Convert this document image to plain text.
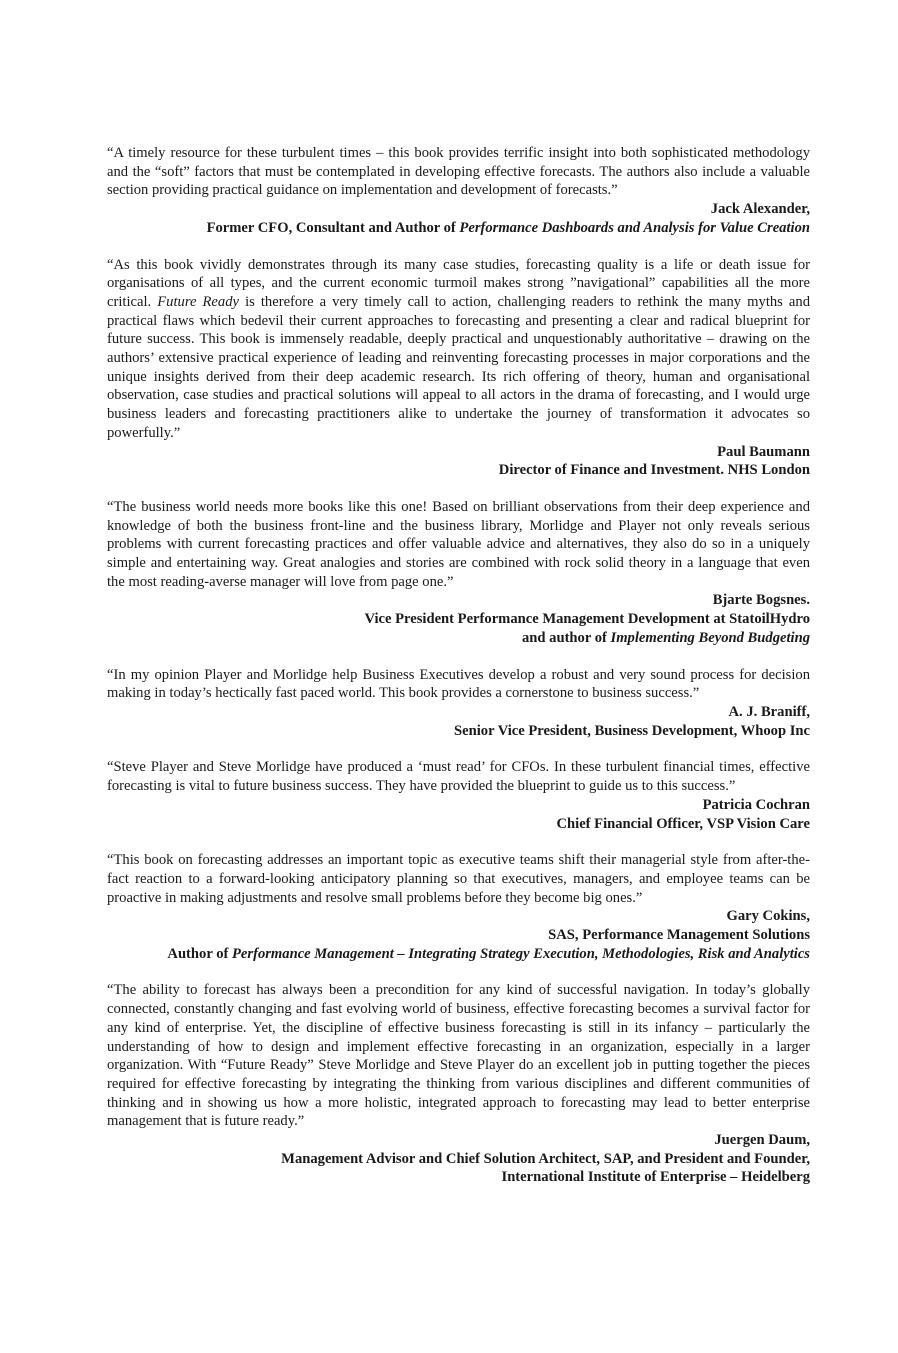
“A timely resource for these turbulent times – this book provides terrific insight into both sophisticated methodology and the “soft” factors that must be contemplated in developing effective forecasts. The authors also include a valuable section providing practical guidance on implementation and development of forecasts.”

Jack Alexander,
Former CFO, Consultant and Author of Performance Dashboards and Analysis for Value Creation

“As this book vividly demonstrates through its many case studies, forecasting quality is a life or death issue for organisations of all types, and the current economic turmoil makes strong ”navigational” capabilities all the more critical. Future Ready is therefore a very timely call to action, challenging readers to rethink the many myths and practical flaws which bedevil their current approaches to forecasting and presenting a clear and radical blueprint for future success. This book is immensely readable, deeply practical and unquestionably authoritative – drawing on the authors’ extensive practical experience of leading and reinventing forecasting processes in major corporations and the unique insights derived from their deep academic research. Its rich offering of theory, human and organisational observation, case studies and practical solutions will appeal to all actors in the drama of forecasting, and I would urge business leaders and forecasting practitioners alike to undertake the journey of transformation it advocates so powerfully.”

Paul Baumann
Director of Finance and Investment. NHS London

“The business world needs more books like this one! Based on brilliant observations from their deep experience and knowledge of both the business front-line and the business library, Morlidge and Player not only reveals serious problems with current forecasting practices and offer valuable advice and alternatives, they also do so in a uniquely simple and entertaining way. Great analogies and stories are combined with rock solid theory in a language that even the most reading-averse manager will love from page one.”

Bjarte Bogsnes.
Vice President Performance Management Development at StatoilHydro
and author of Implementing Beyond Budgeting

“In my opinion Player and Morlidge help Business Executives develop a robust and very sound process for decision making in today’s hectically fast paced world. This book provides a cornerstone to business success.”

A. J. Braniff,
Senior Vice President, Business Development, Whoop Inc

“Steve Player and Steve Morlidge have produced a ‘must read’ for CFOs. In these turbulent financial times, effective forecasting is vital to future business success. They have provided the blueprint to guide us to this success.”

Patricia Cochran
Chief Financial Officer, VSP Vision Care

“This book on forecasting addresses an important topic as executive teams shift their managerial style from after-the-fact reaction to a forward-looking anticipatory planning so that executives, managers, and employee teams can be proactive in making adjustments and resolve small problems before they become big ones.”

Gary Cokins,
SAS, Performance Management Solutions
Author of Performance Management – Integrating Strategy Execution, Methodologies, Risk and Analytics

“The ability to forecast has always been a precondition for any kind of successful navigation. In today’s globally connected, constantly changing and fast evolving world of business, effective forecasting becomes a survival factor for any kind of enterprise. Yet, the discipline of effective business forecasting is still in its infancy – particularly the understanding of how to design and implement effective forecasting in an organization, especially in a larger organization. With “Future Ready” Steve Morlidge and Steve Player do an excellent job in putting together the pieces required for effective forecasting by integrating the thinking from various disciplines and different communities of thinking and in showing us how a more holistic, integrated approach to forecasting may lead to better enterprise management that is future ready.”

Juergen Daum,
Management Advisor and Chief Solution Architect, SAP, and President and Founder,
International Institute of Enterprise – Heidelberg
